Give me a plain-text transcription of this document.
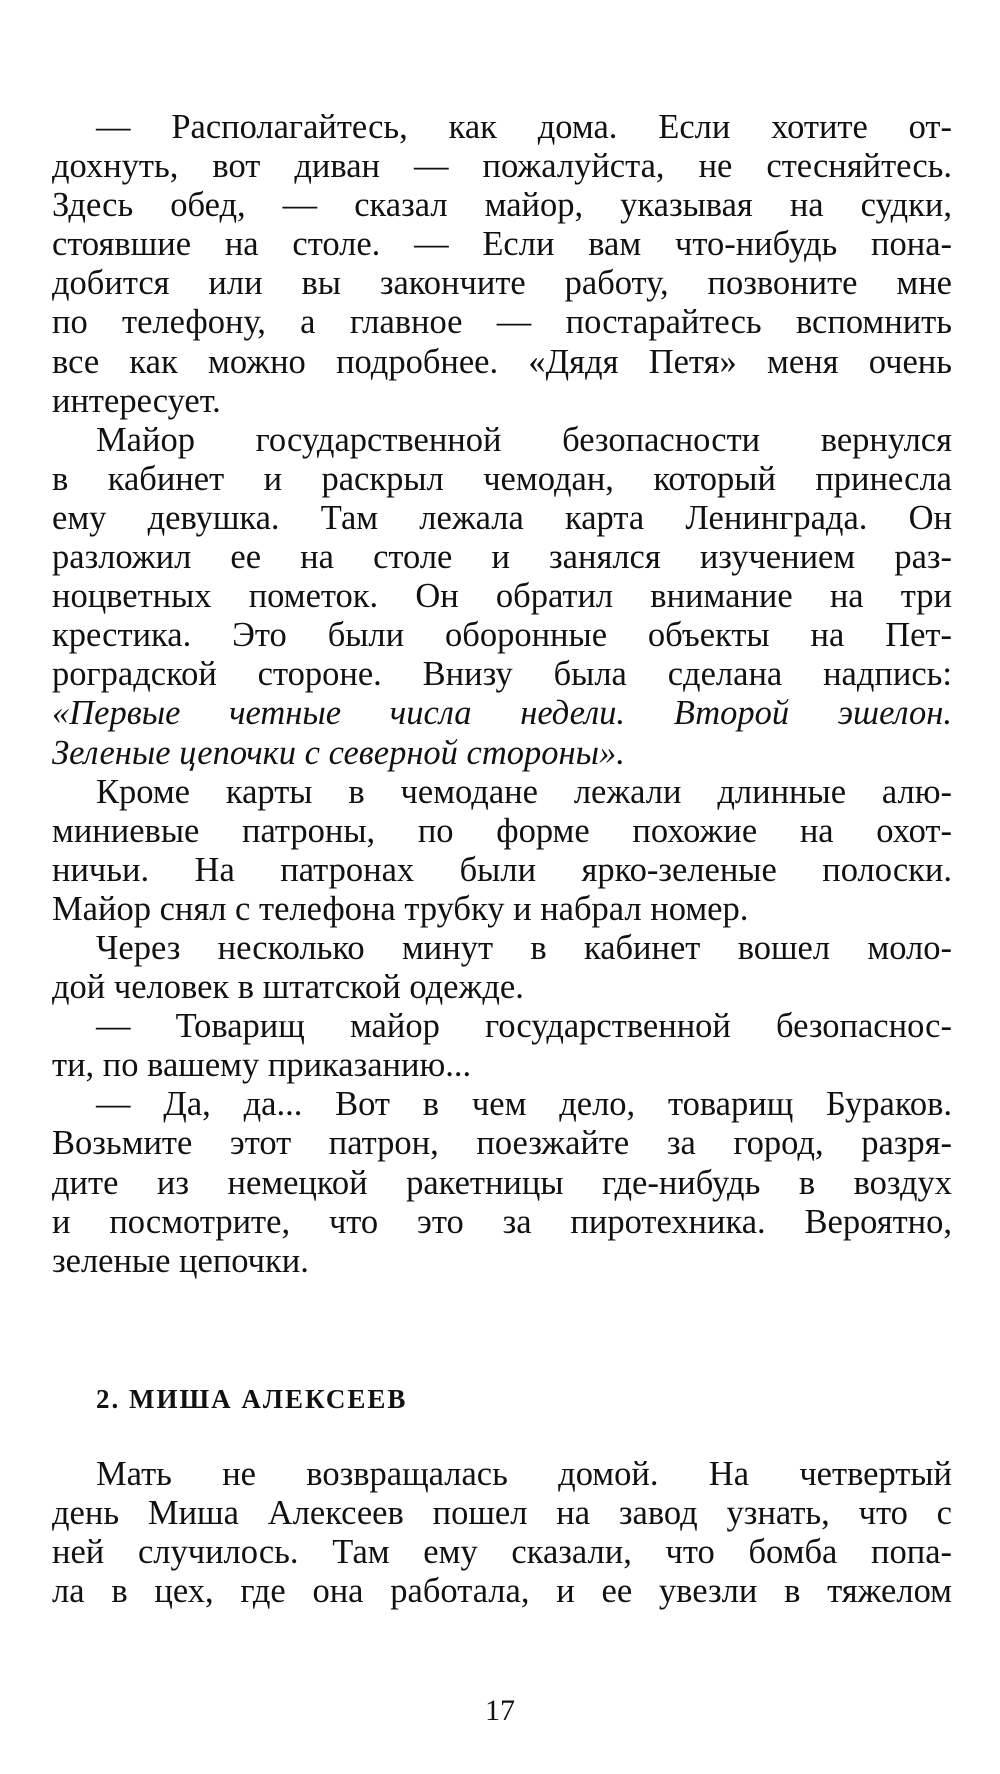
— Располагайтесь, как дома. Если хотите от-
дохнуть, вот диван — пожалуйста, не стесняйтесь.
Здесь обед, — сказал майор, указывая на судки,
стоявшие на столе. — Если вам что-нибудь пона-
добится или вы закончите работу, позвоните мне
по телефону, а главное — постарайтесь вспомнить
все как можно подробнее. «Дядя Петя» меня очень
интересует.
Майор государственной безопасности вернулся
в кабинет и раскрыл чемодан, который принесла
ему девушка. Там лежала карта Ленинграда. Он
разложил ее на столе и занялся изучением раз-
ноцветных пометок. Он обратил внимание на три
крестика. Это были оборонные объекты на Пет-
роградской стороне. Внизу была сделана надпись:
«Первые четные числа недели. Второй эшелон.
Зеленые цепочки с северной стороны».
Кроме карты в чемодане лежали длинные алю-
миниевые патроны, по форме похожие на охот-
ничьи. На патронах были ярко-зеленые полоски.
Майор снял с телефона трубку и набрал номер.
Через несколько минут в кабинет вошел моло-
дой человек в штатской одежде.
— Товарищ майор государственной безопаснос-
ти, по вашему приказанию...
— Да, да... Вот в чем дело, товарищ Бураков.
Возьмите этот патрон, поезжайте за город, разря-
дите из немецкой ракетницы где-нибудь в воздух
и посмотрите, что это за пиротехника. Вероятно,
зеленые цепочки.
2. МИША АЛЕКСЕЕВ
Мать не возвращалась домой. На четвертый
день Миша Алексеев пошел на завод узнать, что с
ней случилось. Там ему сказали, что бомба попа-
ла в цех, где она работала, и ее увезли в тяжелом
17
